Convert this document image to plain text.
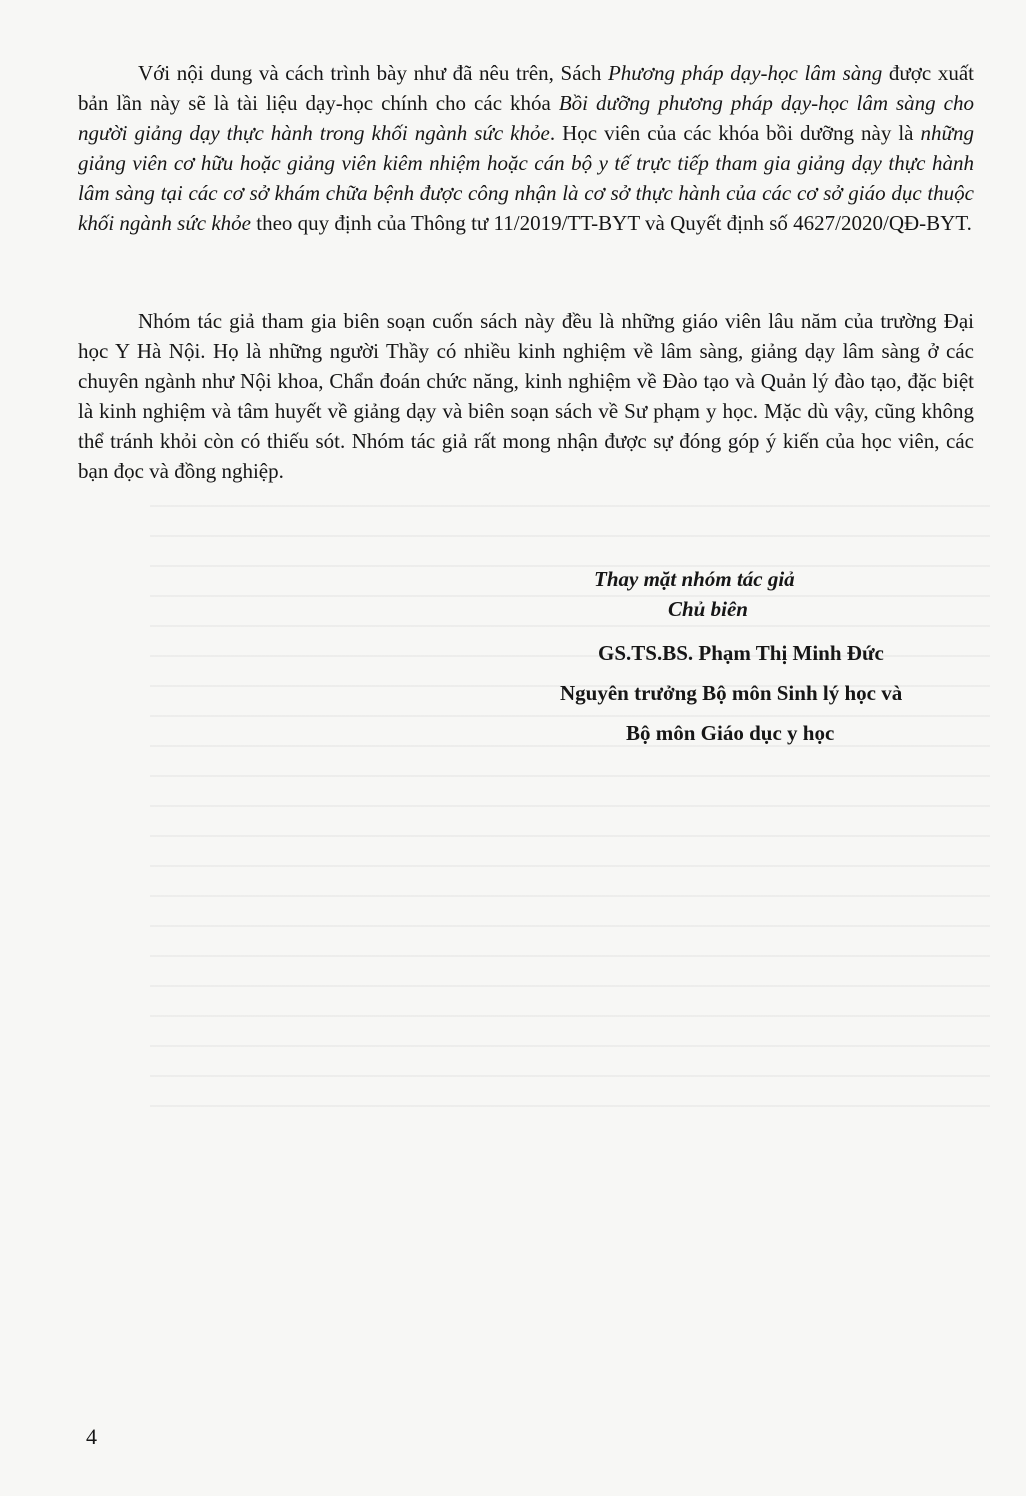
Với nội dung và cách trình bày như đã nêu trên, Sách Phương pháp dạy-học lâm sàng được xuất bản lần này sẽ là tài liệu dạy-học chính cho các khóa Bồi dưỡng phương pháp dạy-học lâm sàng cho người giảng dạy thực hành trong khối ngành sức khỏe. Học viên của các khóa bồi dưỡng này là những giảng viên cơ hữu hoặc giảng viên kiêm nhiệm hoặc cán bộ y tế trực tiếp tham gia giảng dạy thực hành lâm sàng tại các cơ sở khám chữa bệnh được công nhận là cơ sở thực hành của các cơ sở giáo dục thuộc khối ngành sức khỏe theo quy định của Thông tư 11/2019/TT-BYT và Quyết định số 4627/2020/QĐ-BYT.

Nhóm tác giả tham gia biên soạn cuốn sách này đều là những giáo viên lâu năm của trường Đại học Y Hà Nội. Họ là những người Thầy có nhiều kinh nghiệm về lâm sàng, giảng dạy lâm sàng ở các chuyên ngành như Nội khoa, Chẩn đoán chức năng, kinh nghiệm về Đào tạo và Quản lý đào tạo, đặc biệt là kinh nghiệm và tâm huyết về giảng dạy và biên soạn sách về Sư phạm y học. Mặc dù vậy, cũng không thể tránh khỏi còn có thiếu sót. Nhóm tác giả rất mong nhận được sự đóng góp ý kiến của học viên, các bạn đọc và đồng nghiệp.

Thay mặt nhóm tác giả
Chủ biên
GS.TS.BS. Phạm Thị Minh Đức
Nguyên trưởng Bộ môn Sinh lý học và
Bộ môn Giáo dục y học
4
